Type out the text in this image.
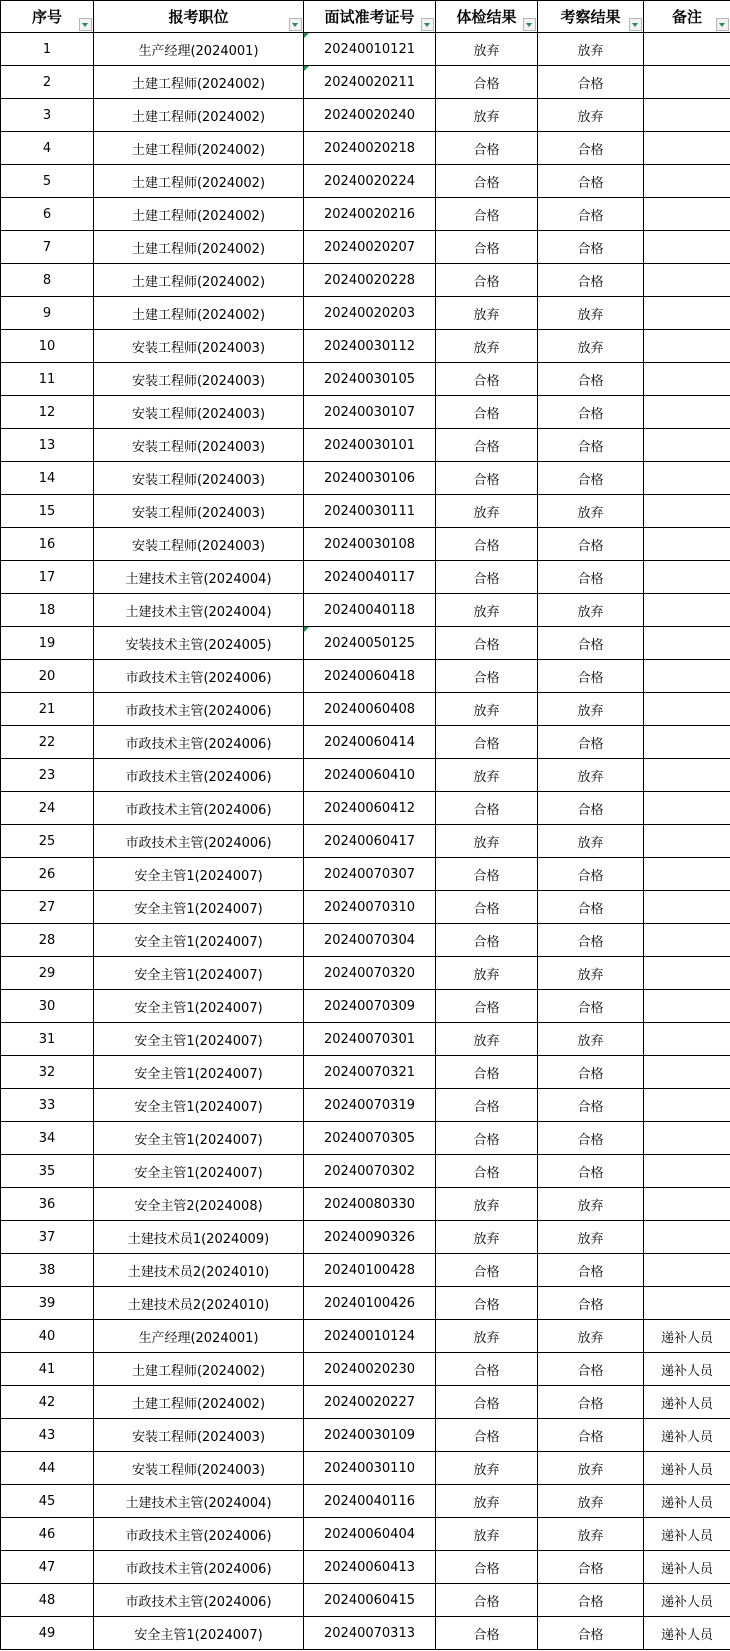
序号	报考职位	面试准考证号	体检结果	考察结果	备注

1	生产经理(2024001)	20240010121	放弃	放弃	
2	土建工程师(2024002)	20240020211	合格	合格	
3	土建工程师(2024002)	20240020240	放弃	放弃	
4	土建工程师(2024002)	20240020218	合格	合格	
5	土建工程师(2024002)	20240020224	合格	合格	
6	土建工程师(2024002)	20240020216	合格	合格	
7	土建工程师(2024002)	20240020207	合格	合格	
8	土建工程师(2024002)	20240020228	合格	合格	
9	土建工程师(2024002)	20240020203	放弃	放弃	
10	安装工程师(2024003)	20240030112	放弃	放弃	
11	安装工程师(2024003)	20240030105	合格	合格	
12	安装工程师(2024003)	20240030107	合格	合格	
13	安装工程师(2024003)	20240030101	合格	合格	
14	安装工程师(2024003)	20240030106	合格	合格	
15	安装工程师(2024003)	20240030111	放弃	放弃	
16	安装工程师(2024003)	20240030108	合格	合格	
17	土建技术主管(2024004)	20240040117	合格	合格	
18	土建技术主管(2024004)	20240040118	放弃	放弃	
19	安装技术主管(2024005)	20240050125	合格	合格	
20	市政技术主管(2024006)	20240060418	合格	合格	
21	市政技术主管(2024006)	20240060408	放弃	放弃	
22	市政技术主管(2024006)	20240060414	合格	合格	
23	市政技术主管(2024006)	20240060410	放弃	放弃	
24	市政技术主管(2024006)	20240060412	合格	合格	
25	市政技术主管(2024006)	20240060417	放弃	放弃	
26	安全主管1(2024007)	20240070307	合格	合格	
27	安全主管1(2024007)	20240070310	合格	合格	
28	安全主管1(2024007)	20240070304	合格	合格	
29	安全主管1(2024007)	20240070320	放弃	放弃	
30	安全主管1(2024007)	20240070309	合格	合格	
31	安全主管1(2024007)	20240070301	放弃	放弃	
32	安全主管1(2024007)	20240070321	合格	合格	
33	安全主管1(2024007)	20240070319	合格	合格	
34	安全主管1(2024007)	20240070305	合格	合格	
35	安全主管1(2024007)	20240070302	合格	合格	
36	安全主管2(2024008)	20240080330	放弃	放弃	
37	土建技术员1(2024009)	20240090326	放弃	放弃	
38	土建技术员2(2024010)	20240100428	合格	合格	
39	土建技术员2(2024010)	20240100426	合格	合格	
40	生产经理(2024001)	20240010124	放弃	放弃	递补人员
41	土建工程师(2024002)	20240020230	合格	合格	递补人员
42	土建工程师(2024002)	20240020227	合格	合格	递补人员
43	安装工程师(2024003)	20240030109	合格	合格	递补人员
44	安装工程师(2024003)	20240030110	放弃	放弃	递补人员
45	土建技术主管(2024004)	20240040116	放弃	放弃	递补人员
46	市政技术主管(2024006)	20240060404	放弃	放弃	递补人员
47	市政技术主管(2024006)	20240060413	合格	合格	递补人员
48	市政技术主管(2024006)	20240060415	合格	合格	递补人员
49	安全主管1(2024007)	20240070313	合格	合格	递补人员
